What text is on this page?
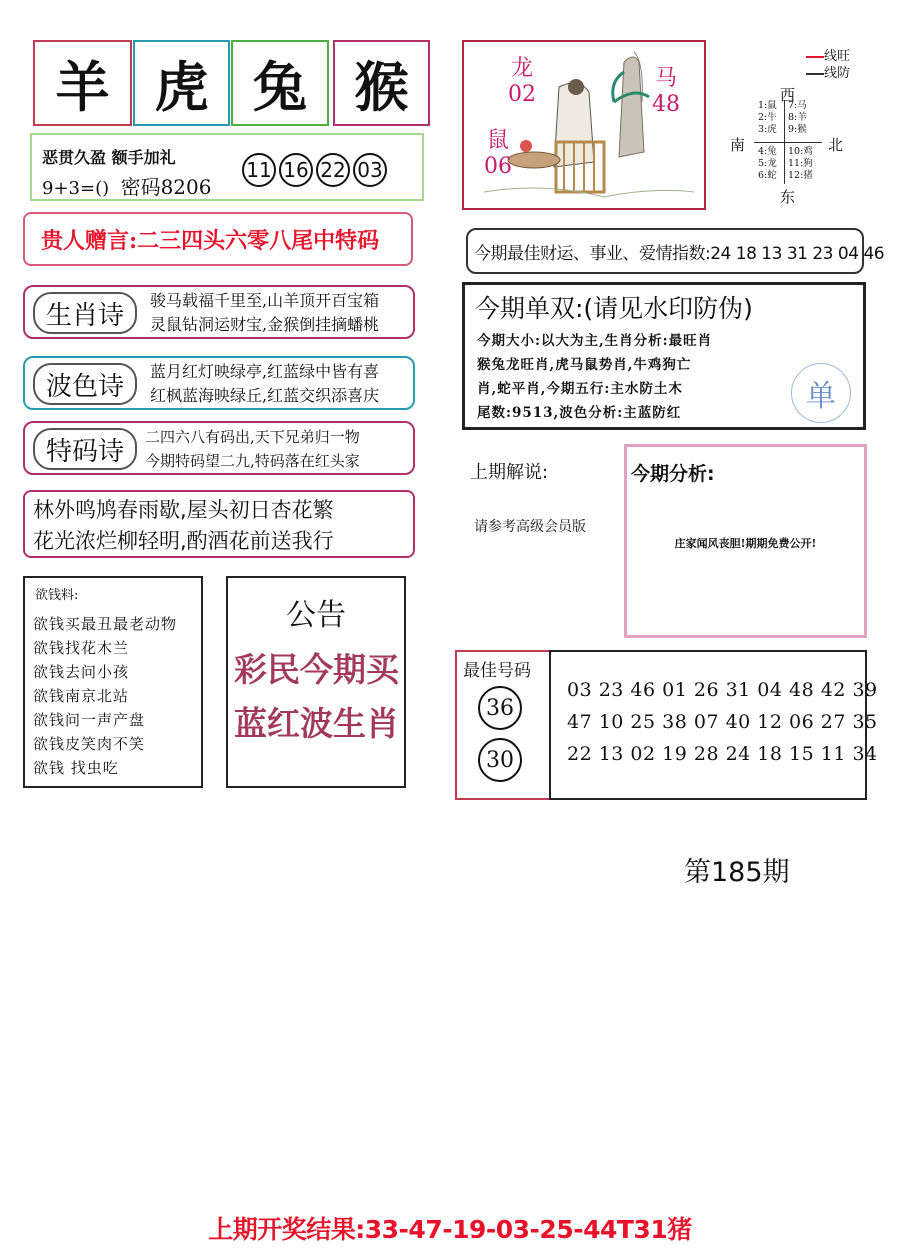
羊 虎 兔 猴
恶贯久盈 额手加礼
9+3=() 密码8206
11 16 22 03
贵人赠言:二三四头六零八尾中特码
生肖诗	骏马载福千里至,山羊顶开百宝箱
灵鼠钻洞运财宝,金猴倒挂摘蟠桃
波色诗	蓝月红灯映绿亭,红蓝绿中皆有喜
红枫蓝海映绿丘,红蓝交织添喜庆
特码诗	二四六八有码出,天下兄弟归一物
今期特码望二九,特码落在红头家
林外鸣鸠春雨歇,屋头初日杏花繁
花光浓烂柳轻明,酌酒花前送我行
欲钱料:
欲钱买最丑最老动物
欲钱找花木兰
欲钱去问小孩
欲钱南京北站
欲钱问一声产盘
欲钱皮笑肉不笑
欲钱 找虫吃
公告
彩民今期买
蓝红波生肖
龙
02
马
48
鼠
06
线旺
线防
西
南	北
东
1:鼠
2:牛
3:虎
7:马
8:羊
9:猴
4:兔
5:龙
6:蛇
10:鸡
11:狗
12:猪
今期最佳财运、事业、爱情指数:24 18 13 31 23 04 46
今期单双:(请见水印防伪)
今期大小:以大为主,生肖分析:最旺肖
猴兔龙旺肖,虎马鼠势肖,牛鸡狗亡
肖,蛇平肖,今期五行:主水防土木
尾数:9513,波色分析:主蓝防红	单
上期解说:
请参考高级会员版
今期分析:
庄家闻风丧胆!期期免费公开!
最佳号码
36
30
03 23 46 01 26 31 04 48 42 39
47 10 25 38 07 40 12 06 27 35
22 13 02 19 28 24 18 15 11 34
第185期
上期开奖结果:33-47-19-03-25-44T31猪
